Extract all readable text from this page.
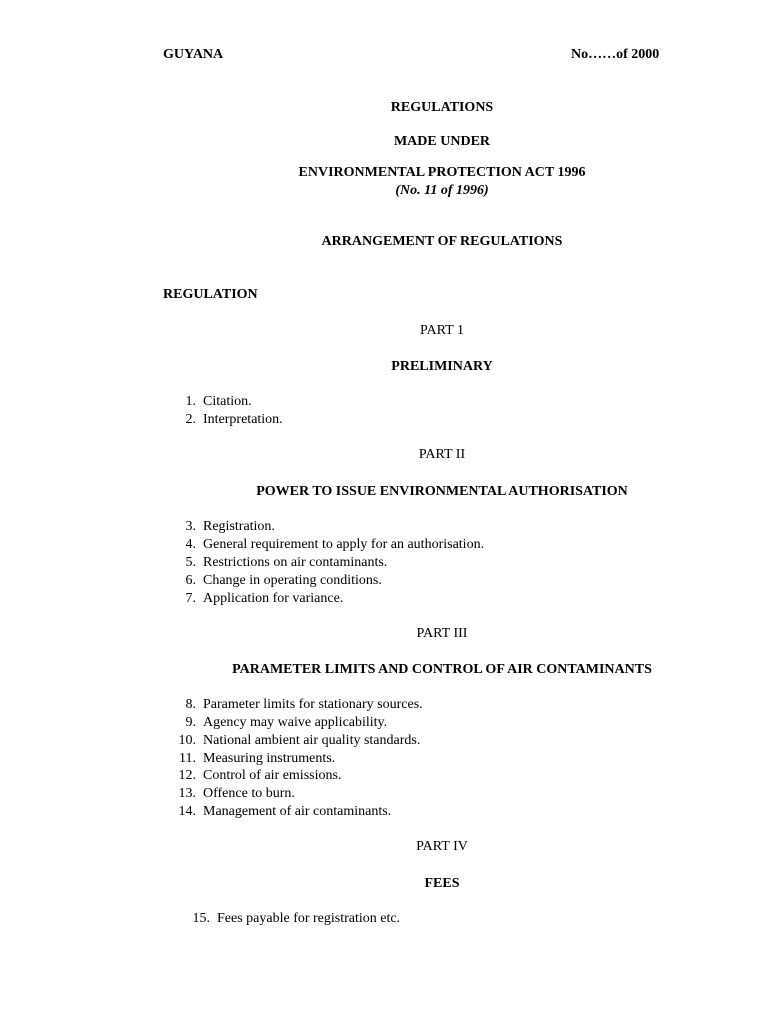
GUYANA	No……of 2000
REGULATIONS
MADE UNDER
ENVIRONMENTAL PROTECTION ACT 1996
(No. 11 of 1996)
ARRANGEMENT OF REGULATIONS
REGULATION
PART 1
PRELIMINARY
1. Citation.
2. Interpretation.
PART II
POWER TO ISSUE ENVIRONMENTAL AUTHORISATION
3. Registration.
4. General requirement to apply for an authorisation.
5. Restrictions on air contaminants.
6. Change in operating conditions.
7. Application for variance.
PART III
PARAMETER LIMITS AND CONTROL OF AIR CONTAMINANTS
8. Parameter limits for stationary sources.
9. Agency may waive applicability.
10. National ambient air quality standards.
11. Measuring instruments.
12. Control of air emissions.
13. Offence to burn.
14. Management of air contaminants.
PART IV
FEES
15. Fees payable for registration etc.
